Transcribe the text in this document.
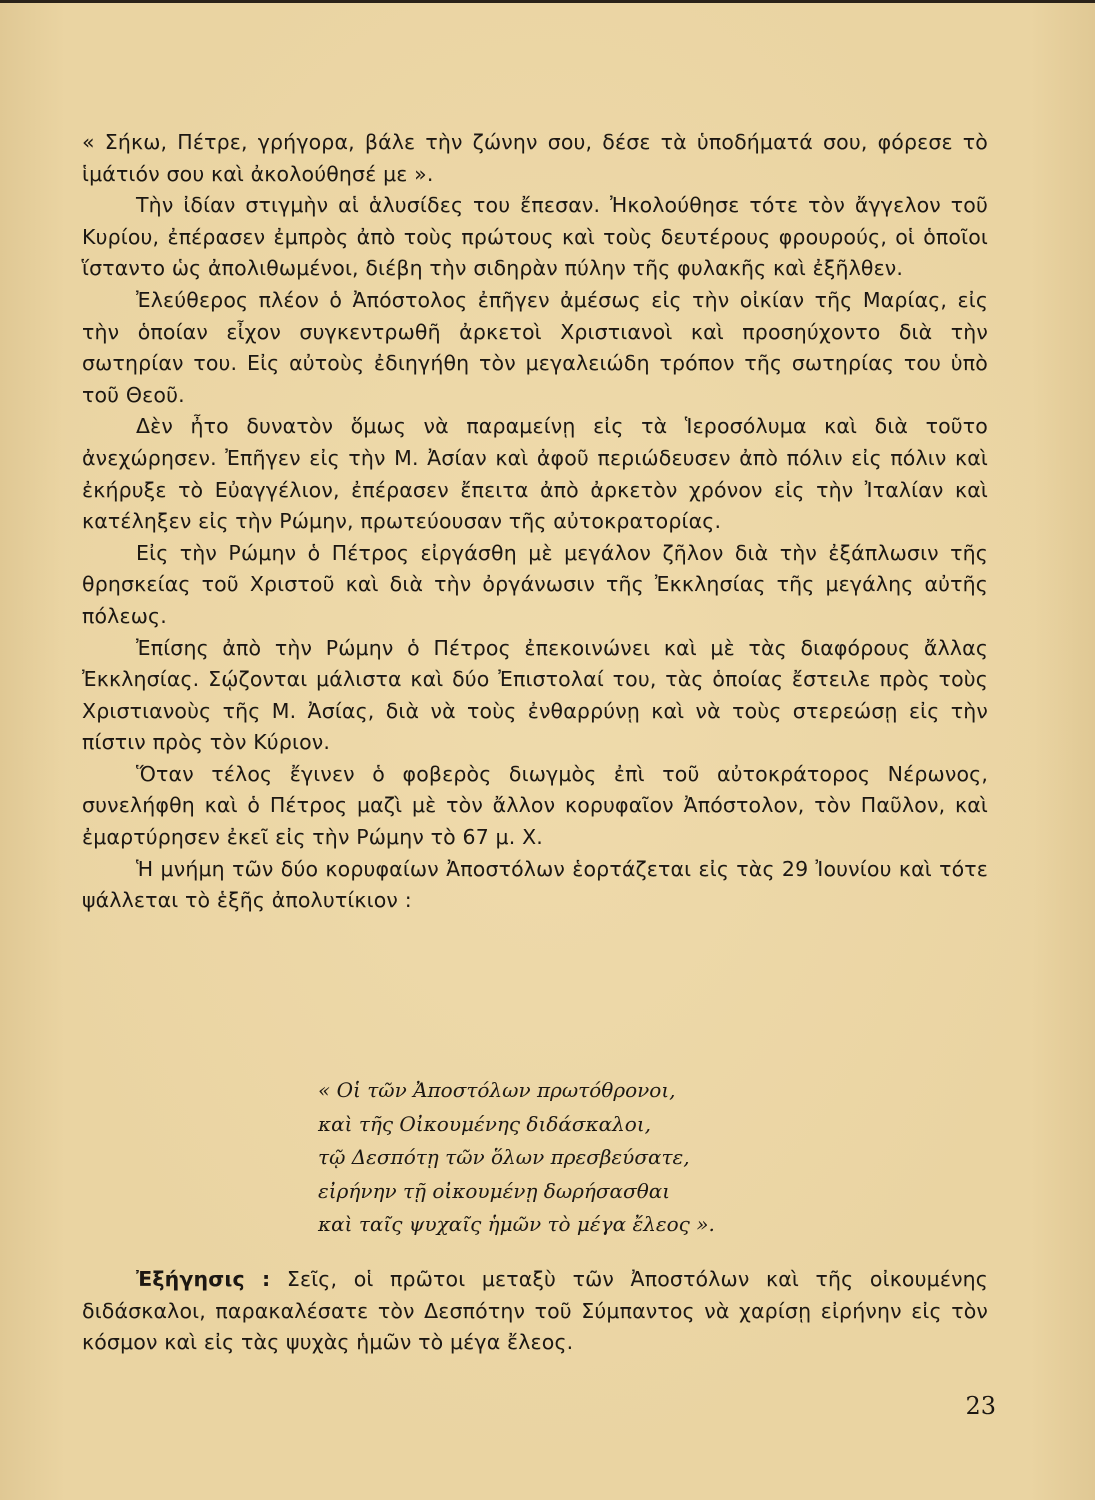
« Σήκω, Πέτρε, γρήγορα, βάλε τὴν ζώνην σου, δέσε τὰ ὑποδήματά σου, φόρεσε τὸ ἱμάτιόν σου καὶ ἀκολούθησέ με ».

Τὴν ἰδίαν στιγμὴν αἱ ἁλυσίδες του ἔπεσαν. Ἠκολούθησε τότε τὸν ἄγγελον τοῦ Κυρίου, ἐπέρασεν ἐμπρὸς ἀπὸ τοὺς πρώτους καὶ τοὺς δευτέρους φρουρούς, οἱ ὁποῖοι ἵσταντο ὡς ἀπολιθωμένοι, διέβη τὴν σιδηρὰν πύλην τῆς φυλακῆς καὶ ἐξῆλθεν.

Ἐλεύθερος πλέον ὁ Ἀπόστολος ἐπῆγεν ἀμέσως εἰς τὴν οἰκίαν τῆς Μαρίας, εἰς τὴν ὁποίαν εἶχον συγκεντρωθῆ ἀρκετοὶ Χριστιανοὶ καὶ προσηύχοντο διὰ τὴν σωτηρίαν του. Εἰς αὐτοὺς ἐδιηγήθη τὸν μεγαλειώδη τρόπον τῆς σωτηρίας του ὑπὸ τοῦ Θεοῦ.

Δὲν ἦτο δυνατὸν ὅμως νὰ παραμείνῃ εἰς τὰ Ἱεροσόλυμα καὶ διὰ τοῦτο ἀνεχώρησεν. Ἐπῆγεν εἰς τὴν Μ. Ἀσίαν καὶ ἀφοῦ περιώδευσεν ἀπὸ πόλιν εἰς πόλιν καὶ ἐκήρυξε τὸ Εὐαγγέλιον, ἐπέρασεν ἔπειτα ἀπὸ ἀρκετὸν χρόνον εἰς τὴν Ἰταλίαν καὶ κατέληξεν εἰς τὴν Ρώμην, πρωτεύουσαν τῆς αὐτοκρατορίας.

Εἰς τὴν Ρώμην ὁ Πέτρος εἰργάσθη μὲ μεγάλον ζῆλον διὰ τὴν ἐξάπλωσιν τῆς θρησκείας τοῦ Χριστοῦ καὶ διὰ τὴν ὀργάνωσιν τῆς Ἐκκλησίας τῆς μεγάλης αὐτῆς πόλεως.

Ἐπίσης ἀπὸ τὴν Ρώμην ὁ Πέτρος ἐπεκοινώνει καὶ μὲ τὰς διαφόρους ἄλλας Ἐκκλησίας. Σῴζονται μάλιστα καὶ δύο Ἐπιστολαί του, τὰς ὁποίας ἔστειλε πρὸς τοὺς Χριστιανοὺς τῆς Μ. Ἀσίας, διὰ νὰ τοὺς ἐνθαρρύνῃ καὶ νὰ τοὺς στερεώσῃ εἰς τὴν πίστιν πρὸς τὸν Κύριον.

Ὅταν τέλος ἔγινεν ὁ φοβερὸς διωγμὸς ἐπὶ τοῦ αὐτοκράτορος Νέρωνος, συνελήφθη καὶ ὁ Πέτρος μαζὶ μὲ τὸν ἄλλον κορυφαῖον Ἀπόστολον, τὸν Παῦλον, καὶ ἐμαρτύρησεν ἐκεῖ εἰς τὴν Ρώμην τὸ 67 μ. Χ.

Ἡ μνήμη τῶν δύο κορυφαίων Ἀποστόλων ἑορτάζεται εἰς τὰς 29 Ἰουνίου καὶ τότε ψάλλεται τὸ ἑξῆς ἀπολυτίκιον :

« Οἱ τῶν Ἀποστόλων πρωτόθρονοι,
καὶ τῆς Οἰκουμένης διδάσκαλοι,
τῷ Δεσπότῃ τῶν ὅλων πρεσβεύσατε,
εἰρήνην τῇ οἰκουμένῃ δωρήσασθαι
καὶ ταῖς ψυχαῖς ἡμῶν τὸ μέγα ἔλεος ».

Ἐξήγησις : Σεῖς, οἱ πρῶτοι μεταξὺ τῶν Ἀποστόλων καὶ τῆς οἰκουμένης διδάσκαλοι, παρακαλέσατε τὸν Δεσπότην τοῦ Σύμπαντος νὰ χαρίσῃ εἰρήνην εἰς τὸν κόσμον καὶ εἰς τὰς ψυχὰς ἡμῶν τὸ μέγα ἔλεος.

23
